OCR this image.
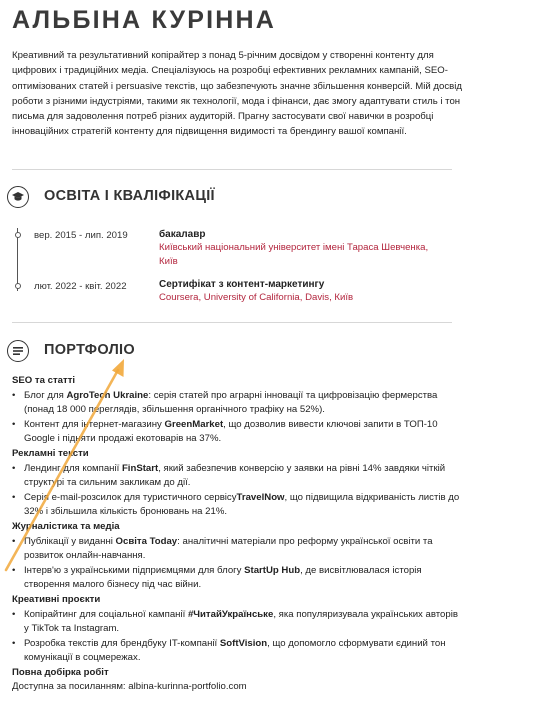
АЛЬБІНА КУРІННА

Креативний та результативний копірайтер з понад 5-річним досвідом у створенні контенту для цифрових і традиційних медіа. Спеціалізуюсь на розробці ефективних рекламних кампаній, SEO-оптимізованих статей і persuasive текстів, що забезпечують значне збільшення конверсій. Мій досвід роботи з різними індустріями, такими як технології, мода і фінанси, дає змогу адаптувати стиль і тон письма для задоволення потреб різних аудиторій. Прагну застосувати свої навички в розробці інноваційних стратегій контенту для підвищення видимості та брендингу вашої компанії.

ОСВІТА І КВАЛІФІКАЦІЇ
вер. 2015 - лип. 2019	бакалавр
Київський національний університет імені Тараса Шевченка, Київ
лют. 2022 - квіт. 2022	Сертифікат з контент-маркетингу
Coursera, University of California, Davis, Київ
ПОРТФОЛІО
SEO та статті
• Блог для AgroTech Ukraine: серія статей про аграрні інновації та цифровізацію фермерства (понад 18 000 переглядів, збільшення органічного трафіку на 52%).
• Контент для інтернет-магазину GreenMarket, що дозволив вивести ключові запити в ТОП-10 Google і підняти продажі екотоварів на 37%.
Рекламні тексти
• Лендинг для компанії FinStart, який забезпечив конверсію у заявки на рівні 14% завдяки чіткій структурі та сильним закликам до дії.
• Серія e-mail-розсилок для туристичного сервісуTravelNow, що підвищила відкриваність листів до 32% і збільшила кількість бронювань на 21%.
Журналістика та медіа
• Публікації у виданні Освіта Today: аналітичні матеріали про реформу української освіти та розвиток онлайн-навчання.
• Інтерв'ю з українськими підприємцями для блогу StartUp Hub, де висвітлювалася історія створення малого бізнесу під час війни.
Креативні проєкти
• Копірайтинг для соціальної кампанії #ЧитайУкраїнське, яка популяризувала українських авторів у TikTok та Instagram.
• Розробка текстів для брендбуку IT-компанії SoftVision, що допомогло сформувати єдиний тон комунікації в соцмережах.
Повна добірка робіт
Доступна за посиланням: albina-kurinna-portfolio.com
